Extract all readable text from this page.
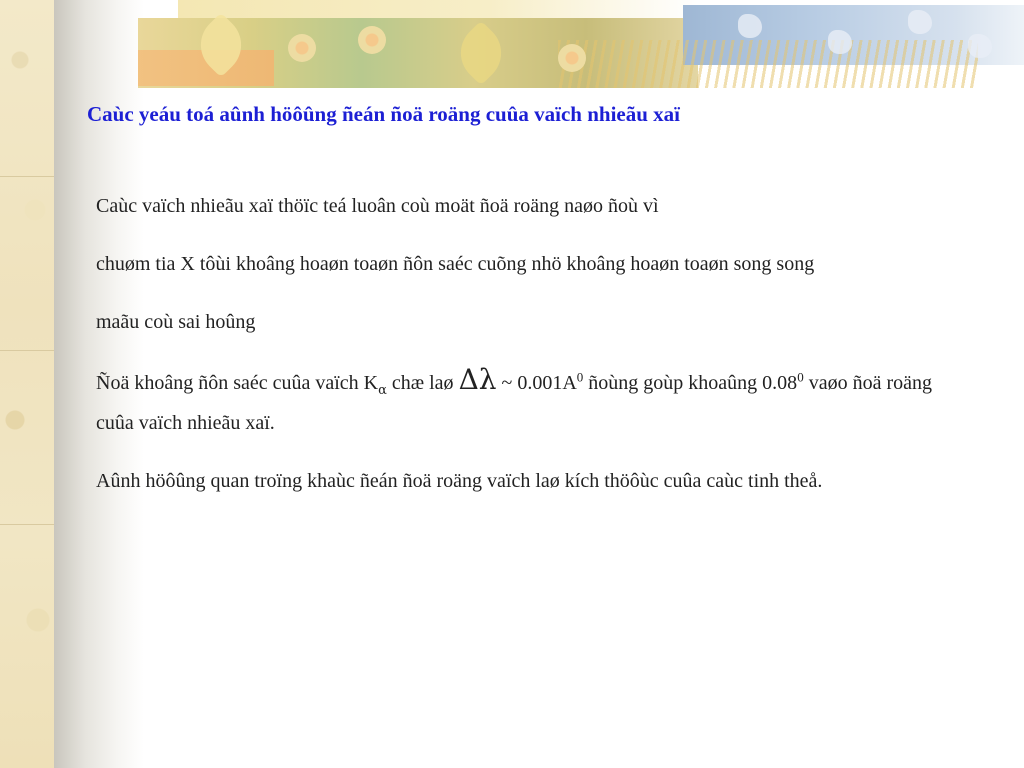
Caùc yeáu toá aûnh höôûng ñeán ñoä roäng cuûa vaïch nhieãu xaï

Caùc vaïch nhieãu xaï thöïc teá luoân coù moät ñoä roäng naøo ñoù vì

chuøm tia X tôùi khoâng hoaøn toaøn ñôn saéc cuõng nhö khoâng hoaøn toaøn song song

maãu coù sai hoûng

Ñoä khoâng ñôn saéc cuûa vaïch $K_\alpha$ chæ laø Δλ ~ $0.001A^0$ ñoùng goùp khoaûng 0.08$^0$ vaøo ñoä roäng cuûa vaïch nhieãu xaï.

Aûnh höôûng quan troïng khaùc ñeán ñoä roäng vaïch laø kích thöôùc cuûa caùc tinh theå.
